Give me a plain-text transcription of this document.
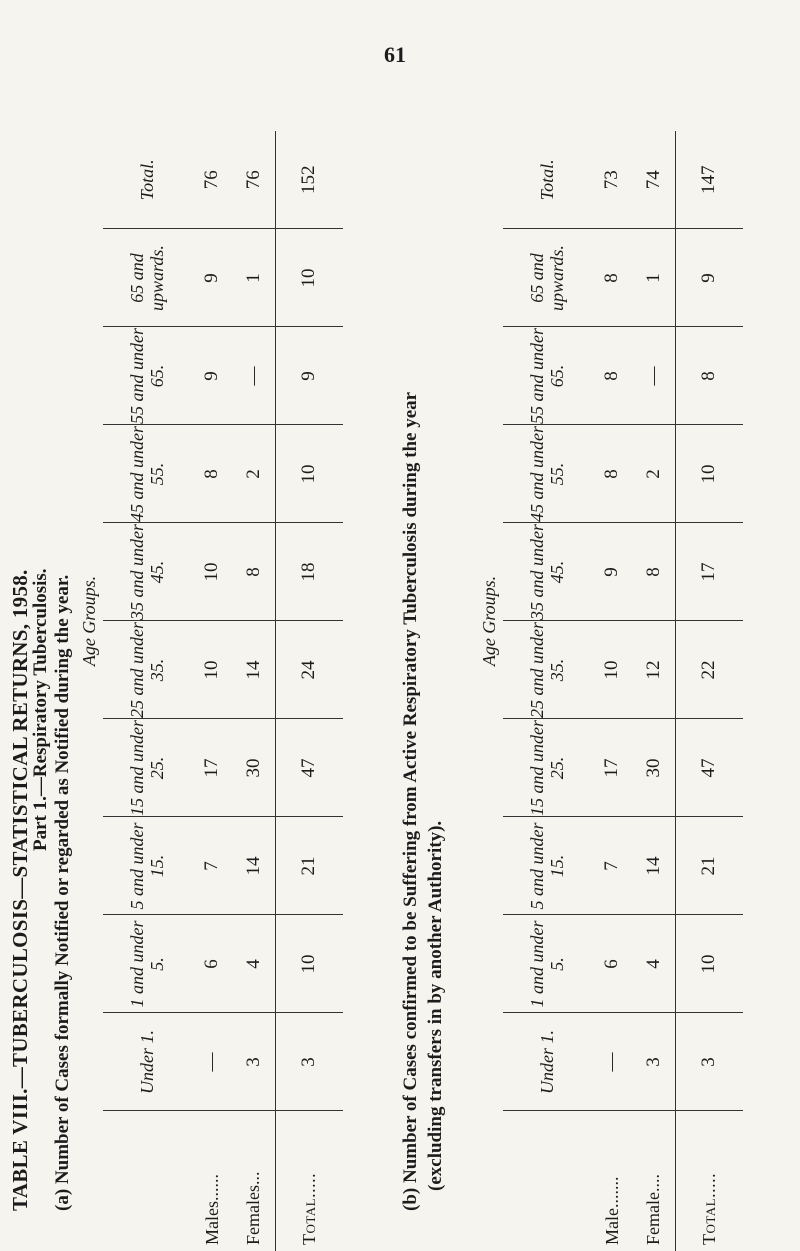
61
TABLE VIII.—TUBERCULOSIS—STATISTICAL RETURNS, 1958.
Part 1.—Respiratory Tuberculosis. (a) Number of Cases formally Notified or regarded as Notified during the year.
	Age Groups.									
	Under 1.	1 and under 5.	5 and under 15.	15 and under 25.	25 and under 35.	35 and under 45.	45 and under 55.	55 and under 65.	65 and upwards.	Total.
Males......	—	6	7	17	10	10	8	9	9	76
Females...	3	4	14	30	14	8	2	—	1	76
Total.....	3	10	21	47	24	18	10	9	10	152
(b) Number of Cases confirmed to be Suffering from Active Respiratory Tuberculosis during the year (excluding transfers in by another Authority).
	Age Groups.									
	Under 1.	1 and under 5.	5 and under 15.	15 and under 25.	25 and under 35.	35 and under 45.	45 and under 55.	55 and under 65.	65 and upwards.	Total.
Male.......	—	6	7	17	10	9	8	8	8	73
Female....	3	4	14	30	12	8	2	—	1	74
Total.....	3	10	21	47	22	17	10	8	9	147
